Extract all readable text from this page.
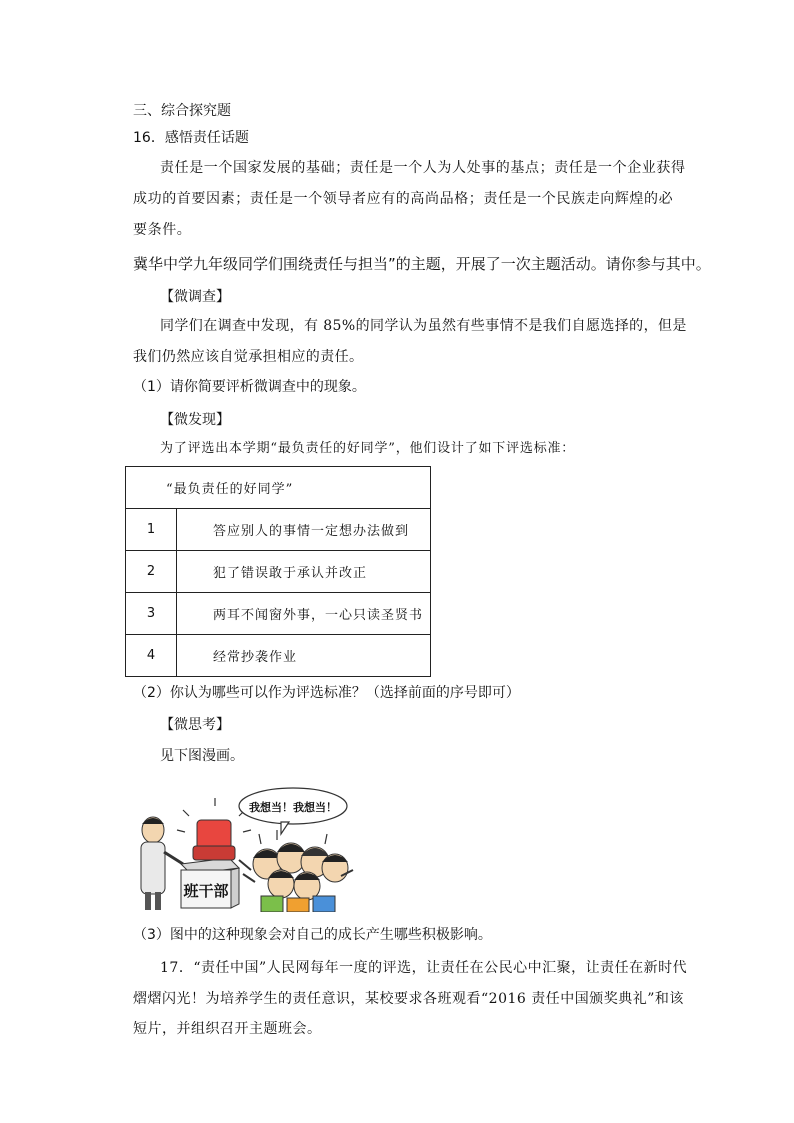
三、综合探究题
16．感悟责任话题
责任是一个国家发展的基础；责任是一个人为人处事的基点；责任是一个企业获得
成功的首要因素；责任是一个领导者应有的高尚品格；责任是一个民族走向辉煌的必
要条件。
冀华中学九年级同学们围绕责任与担当”的主题，开展了一次主题活动。请你参与其中。
【微调查】
同学们在调查中发现，有 85%的同学认为虽然有些事情不是我们自愿选择的，但是
我们仍然应该自觉承担相应的责任。
（1）请你简要评析微调查中的现象。
【微发现】
为了评选出本学期“最负责任的好同学”，他们设计了如下评选标准：
“最负责任的好同学”	
1	答应别人的事情一定想办法做到
2	犯了错误敢于承认并改正
3	两耳不闻窗外事，一心只读圣贤书
4	经常抄袭作业
（2）你认为哪些可以作为评选标准？（选择前面的序号即可）
【微思考】
见下图漫画。
我想当！我想当！
班干部
（3）图中的这种现象会对自己的成长产生哪些积极影响。
17．“责任中国”人民网每年一度的评选，让责任在公民心中汇聚，让责任在新时代
熠熠闪光！为培养学生的责任意识，某校要求各班观看“2016 责任中国颁奖典礼”和该
短片，并组织召开主题班会。
